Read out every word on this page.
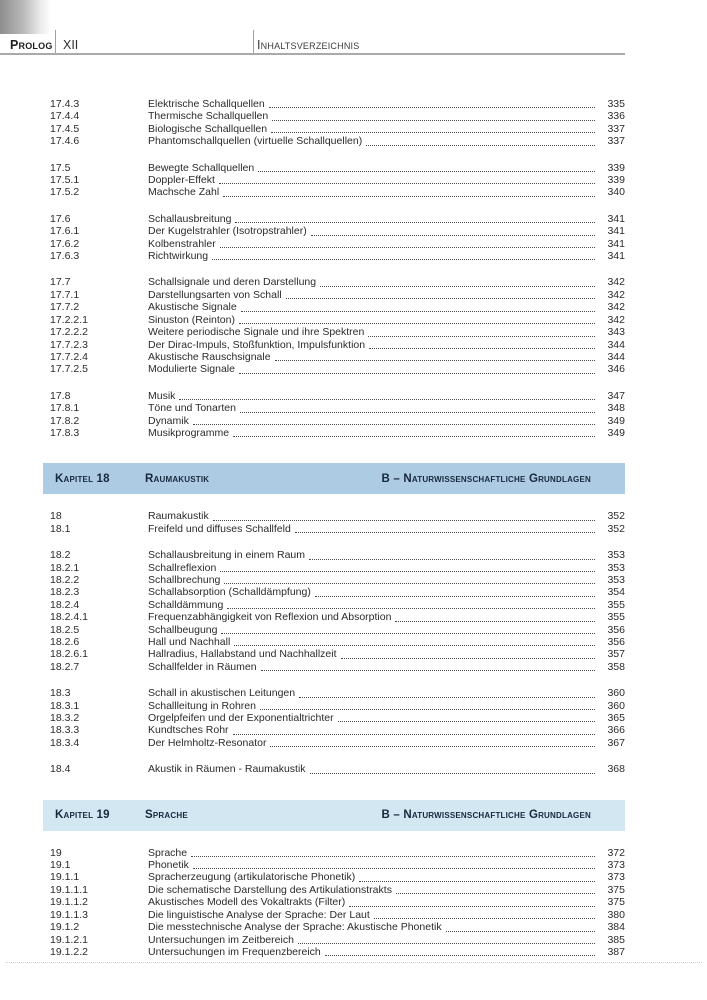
Prolog XII	Inhaltsverzeichnis
17.4.3	Elektrische Schallquellen	335
17.4.4	Thermische Schallquellen	336
17.4.5	Biologische Schallquellen	337
17.4.6	Phantomschallquellen (virtuelle Schallquellen)	337
17.5	Bewegte Schallquellen	339
17.5.1	Doppler-Effekt	339
17.5.2	Machsche Zahl	340
17.6	Schallausbreitung	341
17.6.1	Der Kugelstrahler (Isotropstrahler)	341
17.6.2	Kolbenstrahler	341
17.6.3	Richtwirkung	341
17.7	Schallsignale und deren Darstellung	342
17.7.1	Darstellungsarten von Schall	342
17.7.2	Akustische Signale	342
17.2.2.1	Sinuston (Reinton)	342
17.2.2.2	Weitere periodische Signale und ihre Spektren	343
17.7.2.3	Der Dirac-Impuls, Stoßfunktion, Impulsfunktion	344
17.7.2.4	Akustische Rauschsignale	344
17.7.2.5	Modulierte Signale	346
17.8	Musik	347
17.8.1	Töne und Tonarten	348
17.8.2	Dynamik	349
17.8.3	Musikprogramme	349
Kapitel 18	Raumakustik	B – Naturwissenschaftliche Grundlagen
18	Raumakustik	352
18.1	Freifeld und diffuses Schallfeld	352
18.2	Schallausbreitung in einem Raum	353
18.2.1	Schallreflexion	353
18.2.2	Schallbrechung	353
18.2.3	Schallabsorption (Schalldämpfung)	354
18.2.4	Schalldämmung	355
18.2.4.1	Frequenzabhängigkeit von Reflexion und Absorption	355
18.2.5	Schallbeugung	356
18.2.6	Hall und Nachhall	356
18.2.6.1	Hallradius, Hallabstand und Nachhallzeit	357
18.2.7	Schallfelder in Räumen	358
18.3	Schall in akustischen Leitungen	360
18.3.1	Schallleitung in Rohren	360
18.3.2	Orgelpfeifen und der Exponentialtrichter	365
18.3.3	Kundtsches Rohr	366
18.3.4	Der Helmholtz-Resonator	367
18.4	Akustik in Räumen - Raumakustik	368
Kapitel 19	Sprache	B – Naturwissenschaftliche Grundlagen
19	Sprache	372
19.1	Phonetik	373
19.1.1	Spracherzeugung (artikulatorische Phonetik)	373
19.1.1.1	Die schematische Darstellung des Artikulationstrakts	375
19.1.1.2	Akustisches Modell des Vokaltrakts (Filter)	375
19.1.1.3	Die linguistische Analyse der Sprache: Der Laut	380
19.1.2	Die messtechnische Analyse der Sprache: Akustische Phonetik	384
19.1.2.1	Untersuchungen im Zeitbereich	385
19.1.2.2	Untersuchungen im Frequenzbereich	387
